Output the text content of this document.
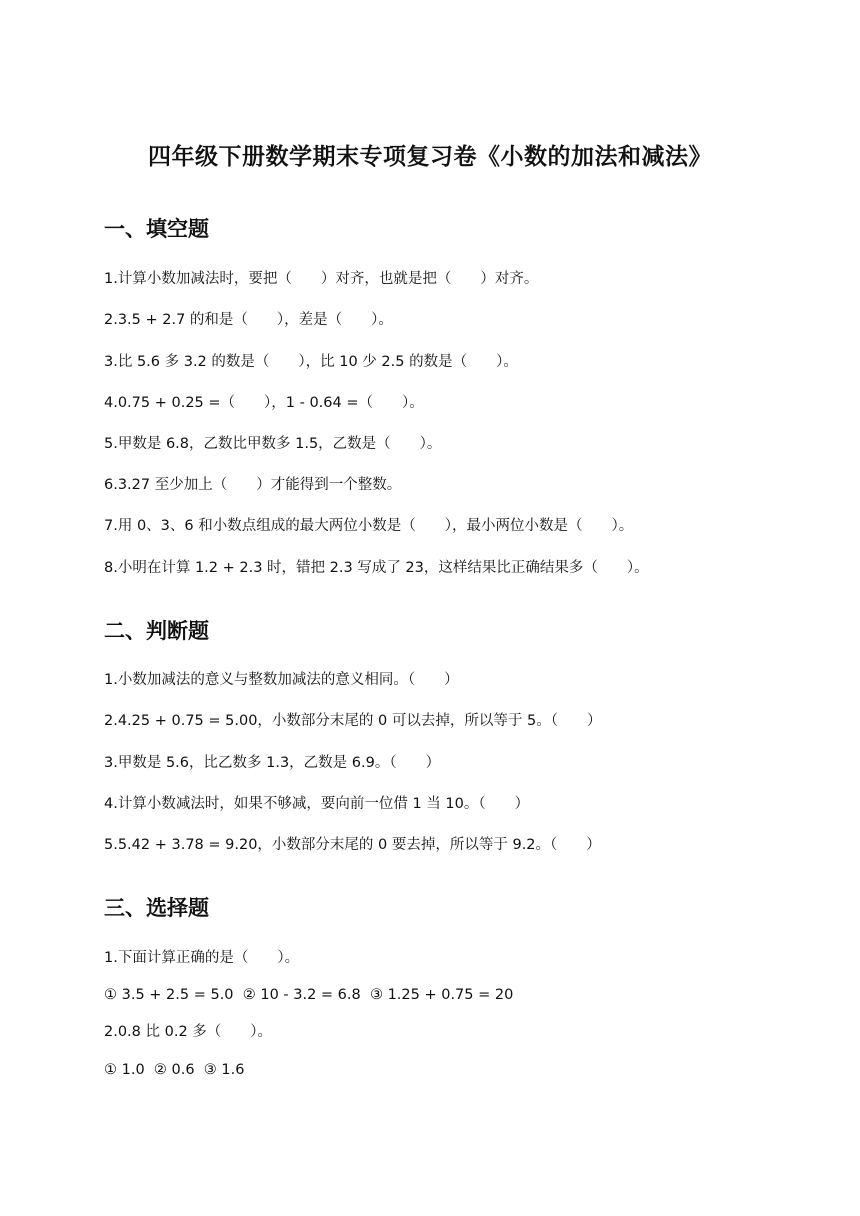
四年级下册数学期末专项复习卷《小数的加法和减法》
一、填空题
1.计算小数加减法时，要把（　　）对齐，也就是把（　　）对齐。
2.3.5 + 2.7 的和是（　　），差是（　　）。
3.比 5.6 多 3.2 的数是（　　），比 10 少 2.5 的数是（　　）。
4.0.75 + 0.25 =（　　），1 - 0.64 =（　　）。
5.甲数是 6.8，乙数比甲数多 1.5，乙数是（　　）。
6.3.27 至少加上（　　）才能得到一个整数。
7.用 0、3、6 和小数点组成的最大两位小数是（　　），最小两位小数是（　　）。
8.小明在计算 1.2 + 2.3 时，错把 2.3 写成了 23，这样结果比正确结果多（　　）。
二、判断题
1.小数加减法的意义与整数加减法的意义相同。（　　）
2.4.25 + 0.75 = 5.00，小数部分末尾的 0 可以去掉，所以等于 5。（　　）
3.甲数是 5.6，比乙数多 1.3，乙数是 6.9。（　　）
4.计算小数减法时，如果不够减，要向前一位借 1 当 10。（　　）
5.5.42 + 3.78 = 9.20，小数部分末尾的 0 要去掉，所以等于 9.2。（　　）
三、选择题
1.下面计算正确的是（　　）。
① 3.5 + 2.5 = 5.0  ② 10 - 3.2 = 6.8  ③ 1.25 + 0.75 = 20
2.0.8 比 0.2 多（　　）。
① 1.0  ② 0.6  ③ 1.6
